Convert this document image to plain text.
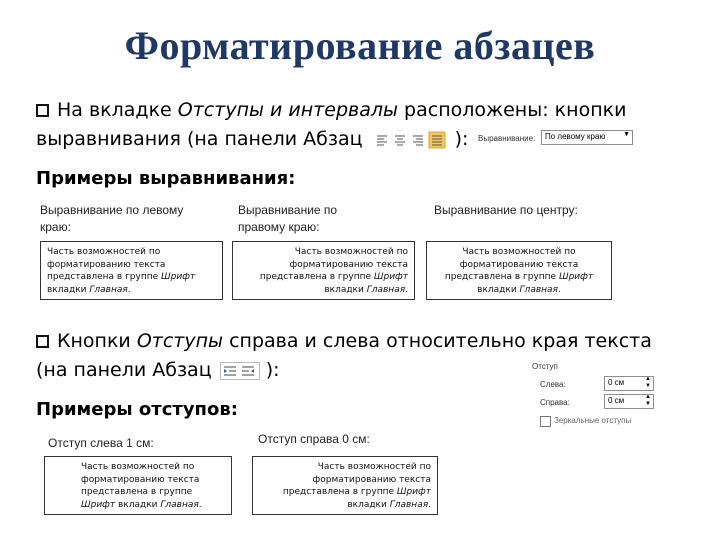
Форматирование абзацев
На вкладке Отступы и интервалы расположены: кнопки
выравнивания (на панели Абзац	): Выравнивание:	По левому краю	▼
Примеры выравнивания:
Выравнивание по левому
краю:
Выравнивание по
правому краю:
Выравнивание по центру:
Часть возможностей по
форматированию текста
представлена в группе Шрифт
вкладки Главная.
Часть возможностей по
форматированию текста
представлена в группе Шрифт
вкладки Главная.
Часть возможностей по
форматированию текста
представлена в группе Шрифт
вкладки Главная.
Кнопки Отступы справа и слева относительно края текста
(на панели Абзац	):	Отступ
Слева:	0 см	▲
▼
Справа:	0 см	▲
▼
Зеркальные отступы
Примеры отступов:
Отступ слева 1 см:	Отступ справа 0 см:
Часть возможностей по
форматированию текста
представлена в группе
Шрифт вкладки Главная.
Часть возможностей по
форматированию текста
представлена в группе Шрифт
вкладки Главная.
